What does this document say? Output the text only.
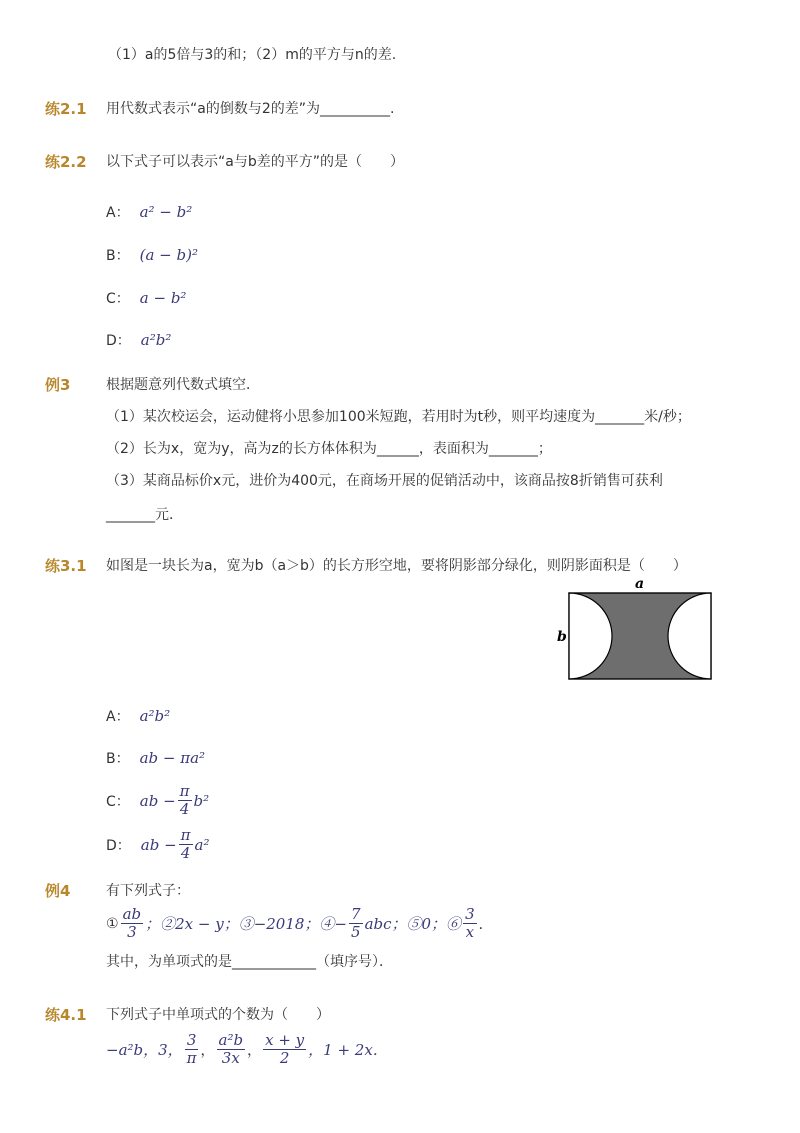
（1）a的5倍与3的和；（2）m的平方与n的差.
练2.1 用代数式表示“a的倒数与2的差”为__________.
练2.2 以下式子可以表示“a与b差的平方”的是（　　）
A： a² − b²
B： (a − b)²
C： a − b²
D： a²b²
例3	根据题意列代数式填空．
（1）某次校运会，运动健将小思参加100米短跑，若用时为t秒，则平均速度为_______米/秒；
（2）长为x，宽为y，高为z的长方体体积为______，表面积为_______；
（3）某商品标价x元，进价为400元，在商场开展的促销活动中，该商品按8折销售可获利
_______元．
练3.1 如图是一块长为a，宽为b（a＞b）的长方形空地，要将阴影部分绿化，则阴影面积是（　　）
a
b
A： a²b²
B： ab − πa²
C： ab − $\frac{\pi}{4} b^2$
D： ab − $\frac{\pi}{4} a^2$
例4	有下列式子：
① $\frac{ab}{3}$ ；②2x − y；③−2018；④− $\frac{7}{5}$ abc；⑤0；⑥ $\frac{3}{x}$ ．
其中，为单项式的是____________（填序号）．
练4.1 下列式子中单项式的个数为（　　）
−a²b，3， $\frac{3}{\pi}$ ， $\frac{\text{a²b}}{3x}$ ， $\frac{x + y}{2}$ ，1 + 2x．
